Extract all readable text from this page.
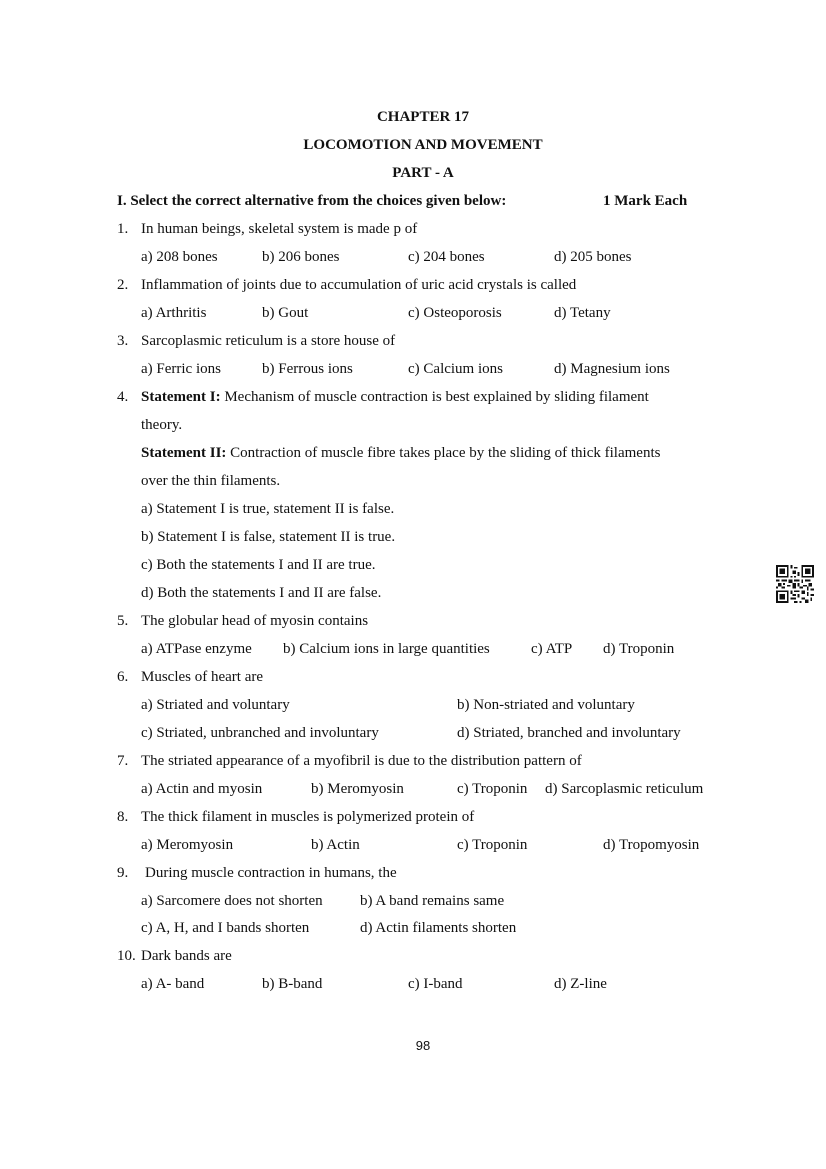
CHAPTER 17
LOCOMOTION AND MOVEMENT
PART - A
I. Select the correct alternative from the choices given below:	1 Mark Each
1. In human beings, skeletal system is made p of
a) 208 bones	b) 206 bones	c) 204 bones	d) 205 bones
2. Inflammation of joints due to accumulation of uric acid crystals is called
a) Arthritis	b) Gout	c) Osteoporosis	d) Tetany
3. Sarcoplasmic reticulum is a store house of
a) Ferric ions	b) Ferrous ions	c) Calcium ions	d) Magnesium ions
4. Statement I: Mechanism of muscle contraction is best explained by sliding filament
theory.
Statement II: Contraction of muscle fibre takes place by the sliding of thick filaments
over the thin filaments.
a) Statement I is true, statement II is false.
b) Statement I is false, statement II is true.
c) Both the statements I and II are true.
d) Both the statements I and II are false.
5. The globular head of myosin contains
a) ATPase enzyme b) Calcium ions in large quantities	c) ATP d) Troponin
6. Muscles of heart are
a) Striated and voluntary	b) Non-striated and voluntary
c) Striated, unbranched and involuntary	d) Striated, branched and involuntary
7. The striated appearance of a myofibril is due to the distribution pattern of
a) Actin and myosin	b) Meromyosin	c) Troponin d) Sarcoplasmic reticulum
8. The thick filament in muscles is polymerized protein of
a) Meromyosin	b) Actin	c) Troponin	d) Tropomyosin
9. During muscle contraction in humans, the
a) Sarcomere does not shorten b) A band remains same
c) A, H, and I bands shorten	d) Actin filaments shorten
10. Dark bands are
a) A- band	b) B-band	c) I-band	d) Z-line
98
